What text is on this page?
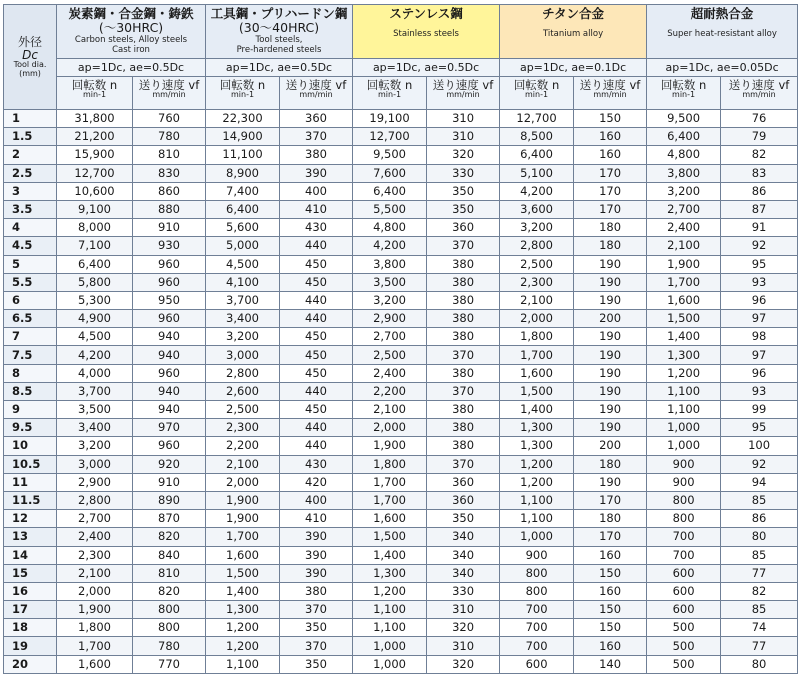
外径
Dc
Tool dia.
(mm)	炭素鋼・合金鋼・鋳鉄
(～30HRC)
Carbon steels, Alloy steels
Cast iron		工具鋼・プリハードン鋼
(30～40HRC)
Tool steels,
Pre-hardened steels		ステンレス鋼
Stainless steels		チタン合金
Titanium alloy		超耐熱合金
Super heat-resistant alloy	

	ap=1Dc, ae=0.5Dc		ap=1Dc, ae=0.5Dc		ap=1Dc, ae=0.5Dc		ap=1Dc, ae=0.1Dc		ap=1Dc, ae=0.05Dc	

	回転数 n
min-1	送り速度 vf
mm/min	回転数 n
min-1	送り速度 vf
mm/min	回転数 n
min-1	送り速度 vf
mm/min	回転数 n
min-1	送り速度 vf
mm/min	回転数 n
min-1	送り速度 vf
mm/min

1	31,800	760	22,300	360	19,100	310	12,700	150	9,500	76
1.5	21,200	780	14,900	370	12,700	310	8,500	160	6,400	79
2	15,900	810	11,100	380	9,500	320	6,400	160	4,800	82
2.5	12,700	830	8,900	390	7,600	330	5,100	170	3,800	83
3	10,600	860	7,400	400	6,400	350	4,200	170	3,200	86
3.5	9,100	880	6,400	410	5,500	350	3,600	170	2,700	87
4	8,000	910	5,600	430	4,800	360	3,200	180	2,400	91
4.5	7,100	930	5,000	440	4,200	370	2,800	180	2,100	92
5	6,400	960	4,500	450	3,800	380	2,500	190	1,900	95
5.5	5,800	960	4,100	450	3,500	380	2,300	190	1,700	93
6	5,300	950	3,700	440	3,200	380	2,100	190	1,600	96
6.5	4,900	960	3,400	440	2,900	380	2,000	200	1,500	97
7	4,500	940	3,200	450	2,700	380	1,800	190	1,400	98
7.5	4,200	940	3,000	450	2,500	370	1,700	190	1,300	97
8	4,000	960	2,800	450	2,400	380	1,600	190	1,200	96
8.5	3,700	940	2,600	440	2,200	370	1,500	190	1,100	93
9	3,500	940	2,500	450	2,100	380	1,400	190	1,100	99
9.5	3,400	970	2,300	440	2,000	380	1,300	190	1,000	95
10	3,200	960	2,200	440	1,900	380	1,300	200	1,000	100
10.5	3,000	920	2,100	430	1,800	370	1,200	180	900	92
11	2,900	910	2,000	420	1,700	360	1,200	190	900	94
11.5	2,800	890	1,900	400	1,700	360	1,100	170	800	85
12	2,700	870	1,900	410	1,600	350	1,100	180	800	86
13	2,400	820	1,700	390	1,500	340	1,000	170	700	80
14	2,300	840	1,600	390	1,400	340	900	160	700	85
15	2,100	810	1,500	390	1,300	340	800	150	600	77
16	2,000	820	1,400	380	1,200	330	800	160	600	82
17	1,900	800	1,300	370	1,100	310	700	150	600	85
18	1,800	800	1,200	350	1,100	320	700	150	500	74
19	1,700	780	1,200	370	1,000	310	700	160	500	77
20	1,600	770	1,100	350	1,000	320	600	140	500	80
